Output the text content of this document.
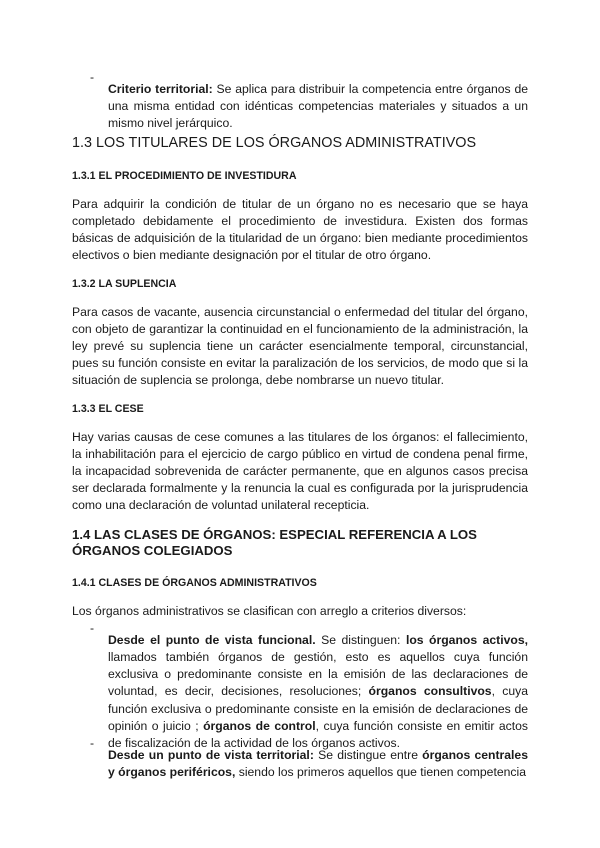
-

Criterio territorial: Se aplica para distribuir la competencia entre órganos de una misma entidad con idénticas competencias materiales y situados a un mismo nivel jerárquico.

1.3 LOS TITULARES DE LOS ÓRGANOS ADMINISTRATIVOS
1.3.1 EL PROCEDIMIENTO DE INVESTIDURA

Para adquirir la condición de titular de un órgano no es necesario que se haya completado debidamente el procedimiento de investidura. Existen dos formas básicas de adquisición de la titularidad de un órgano: bien mediante procedimientos electivos o bien mediante designación por el titular de otro órgano.

1.3.2 LA SUPLENCIA

Para casos de vacante, ausencia circunstancial o enfermedad del titular del órgano, con objeto de garantizar la continuidad en el funcionamiento de la administración, la ley prevé su suplencia tiene un carácter esencialmente temporal, circunstancial, pues su función consiste en evitar la paralización de los servicios, de modo que si la situación de suplencia se prolonga, debe nombrarse un nuevo titular.

1.3.3 EL CESE

Hay varias causas de cese comunes a las titulares de los órganos: el fallecimiento, la inhabilitación para el ejercicio de cargo público en virtud de condena penal firme, la incapacidad sobrevenida de carácter permanente, que en algunos casos precisa ser declarada formalmente y la renuncia la cual es configurada por la jurisprudencia como una declaración de voluntad unilateral recepticia.

1.4 LAS CLASES DE ÓRGANOS: ESPECIAL REFERENCIA A LOS ÓRGANOS COLEGIADOS
1.4.1 CLASES DE ÓRGANOS ADMINISTRATIVOS

Los órganos administrativos se clasifican con arreglo a criterios diversos:

-

Desde el punto de vista funcional. Se distinguen: los órganos activos, llamados también órganos de gestión, esto es aquellos cuya función exclusiva o predominante consiste en la emisión de las declaraciones de voluntad, es decir, decisiones, resoluciones; órganos consultivos, cuya función exclusiva o predominante consiste en la emisión de declaraciones de opinión o juicio ; órganos de control, cuya función consiste en emitir actos de fiscalización de la actividad de los órganos activos.

-

Desde un punto de vista territorial: Se distingue entre órganos centrales y órganos periféricos, siendo los primeros aquellos que tienen competencia
